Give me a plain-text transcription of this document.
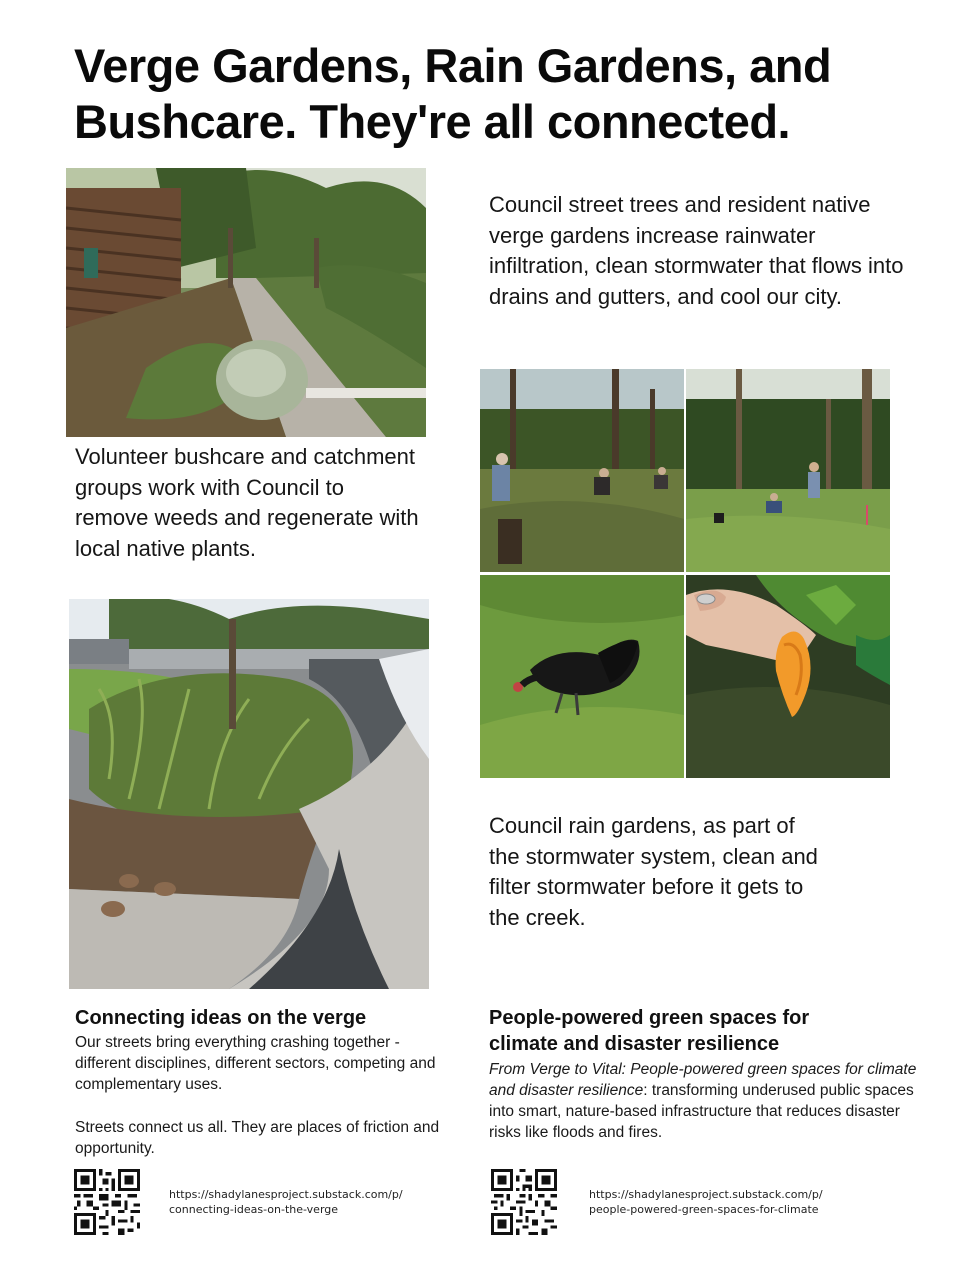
Verge Gardens, Rain Gardens, and Bushcare. They're all connected.

Council street trees and resident native verge gardens increase rainwater infiltration, clean stormwater that flows into drains and gutters, and cool our city.

Volunteer bushcare and catchment groups work with Council to remove weeds and regenerate with local native plants.

Council rain gardens, as part of the stormwater system, clean and filter stormwater before it gets to the creek.

Connecting ideas on the verge

Our streets bring everything crashing together - different disciplines, different sectors, competing and complementary uses.

Streets connect us all. They are places of friction and opportunity.

https://shadylanesproject.substack.com/p/
connecting-ideas-on-the-verge

People-powered green spaces for climate and disaster resilience

From Verge to Vital: People-powered green spaces for climate and disaster resilience: transforming underused public spaces into smart, nature-based infrastructure that reduces disaster risks like floods and fires.

https://shadylanesproject.substack.com/p/
people-powered-green-spaces-for-climate
